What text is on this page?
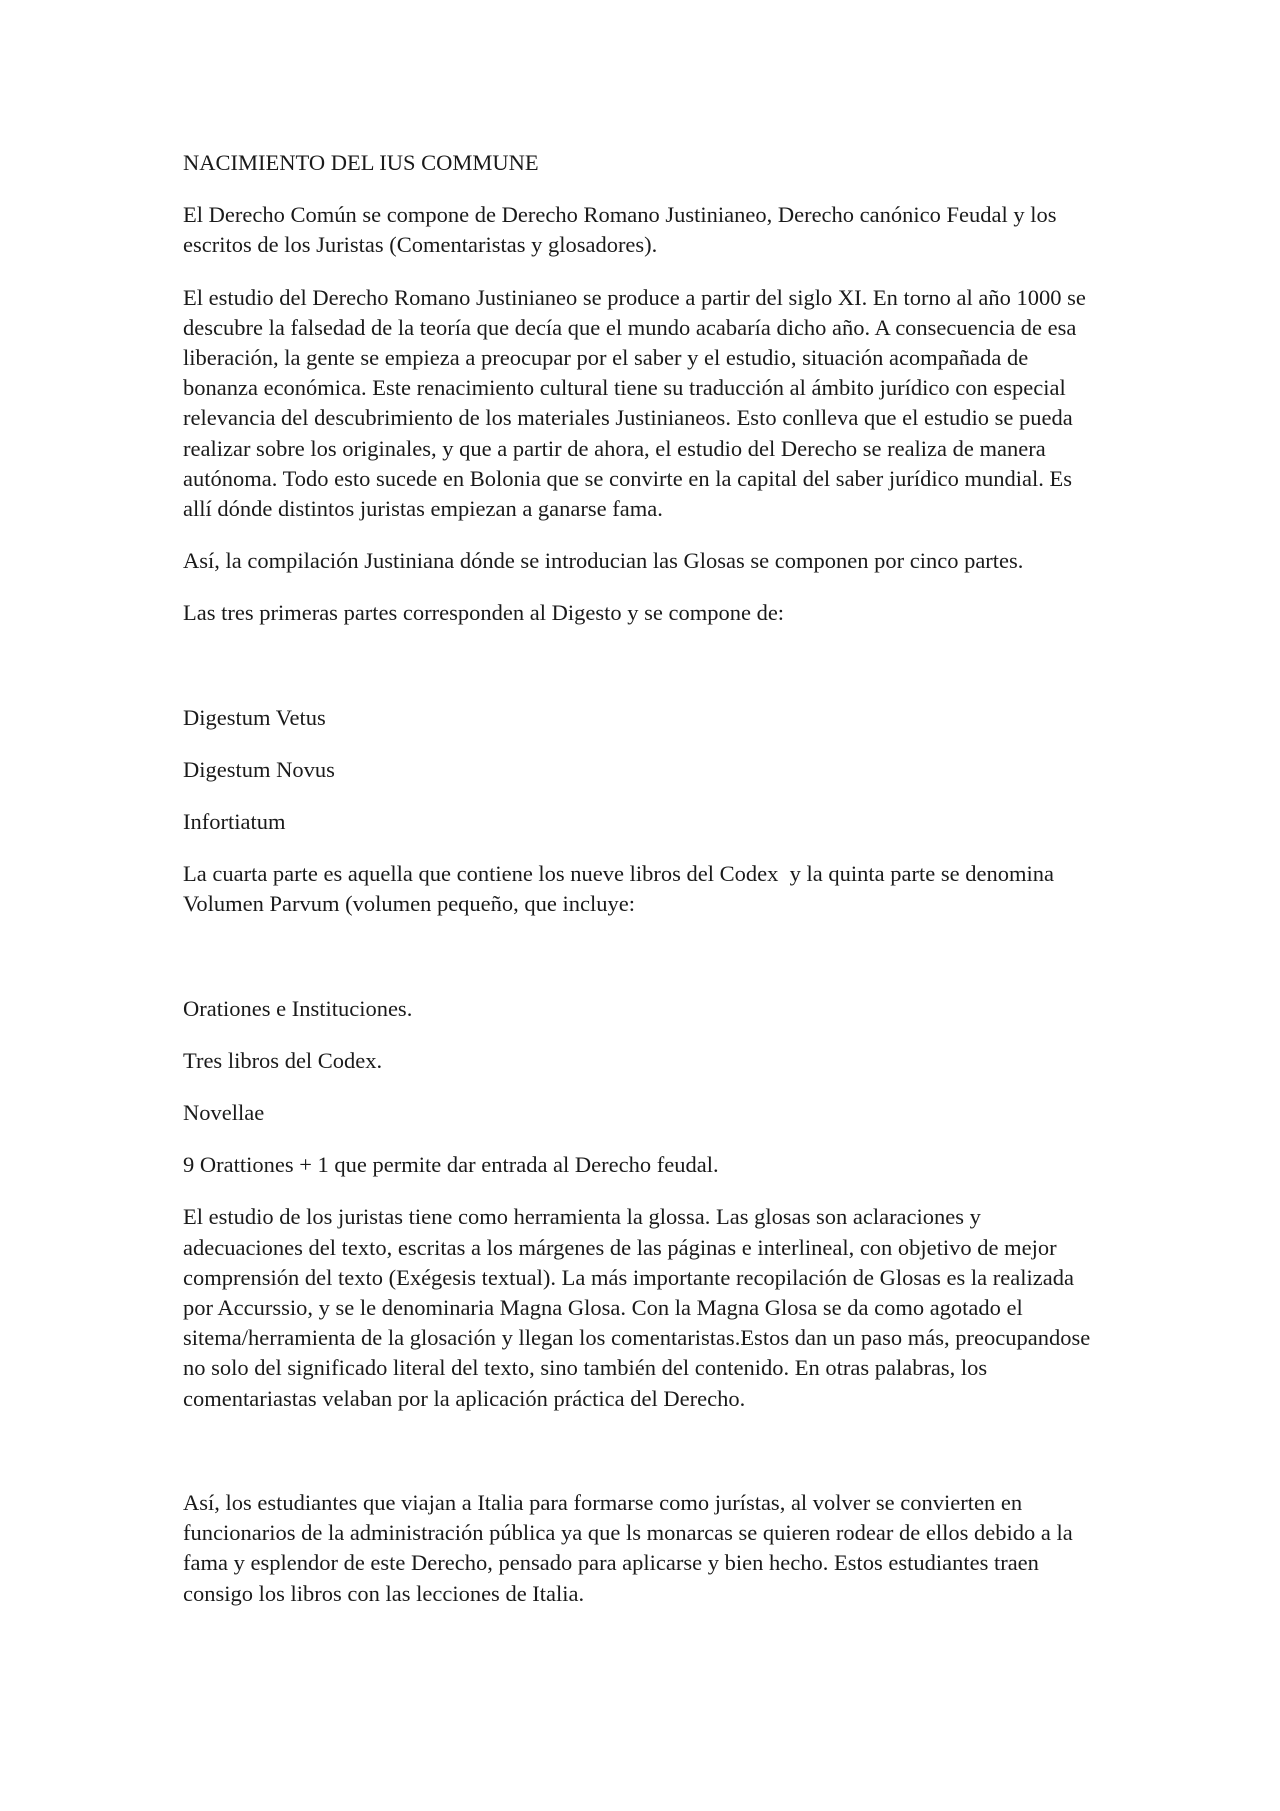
NACIMIENTO DEL IUS COMMUNE

El Derecho Común se compone de Derecho Romano Justinianeo, Derecho canónico Feudal y los escritos de los Juristas (Comentaristas y glosadores).

El estudio del Derecho Romano Justinianeo se produce a partir del siglo XI. En torno al año 1000 se descubre la falsedad de la teoría que decía que el mundo acabaría dicho año. A consecuencia de esa liberación, la gente se empieza a preocupar por el saber y el estudio, situación acompañada de bonanza económica. Este renacimiento cultural tiene su traducción al ámbito jurídico con especial relevancia del descubrimiento de los materiales Justinianeos. Esto conlleva que el estudio se pueda realizar sobre los originales, y que a partir de ahora, el estudio del Derecho se realiza de manera autónoma. Todo esto sucede en Bolonia que se convirte en la capital del saber jurídico mundial. Es allí dónde distintos juristas empiezan a ganarse fama.

Así, la compilación Justiniana dónde se introducian las Glosas se componen por cinco partes.

Las tres primeras partes corresponden al Digesto y se compone de:

Digestum Vetus

Digestum Novus

Infortiatum

La cuarta parte es aquella que contiene los nueve libros del Codex  y la quinta parte se denomina Volumen Parvum (volumen pequeño, que incluye:

Orationes e Instituciones.

Tres libros del Codex.

Novellae

9 Orattiones + 1 que permite dar entrada al Derecho feudal.

El estudio de los juristas tiene como herramienta la glossa. Las glosas son aclaraciones y adecuaciones del texto, escritas a los márgenes de las páginas e interlineal, con objetivo de mejor comprensión del texto (Exégesis textual). La más importante recopilación de Glosas es la realizada por Accurssio, y se le denominaria Magna Glosa. Con la Magna Glosa se da como agotado el sitema/herramienta de la glosación y llegan los comentaristas.Estos dan un paso más, preocupandose no solo del significado literal del texto, sino también del contenido. En otras palabras, los comentariastas velaban por la aplicación práctica del Derecho.

Así, los estudiantes que viajan a Italia para formarse como jurístas, al volver se convierten en funcionarios de la administración pública ya que ls monarcas se quieren rodear de ellos debido a la fama y esplendor de este Derecho, pensado para aplicarse y bien hecho. Estos estudiantes traen consigo los libros con las lecciones de Italia.
